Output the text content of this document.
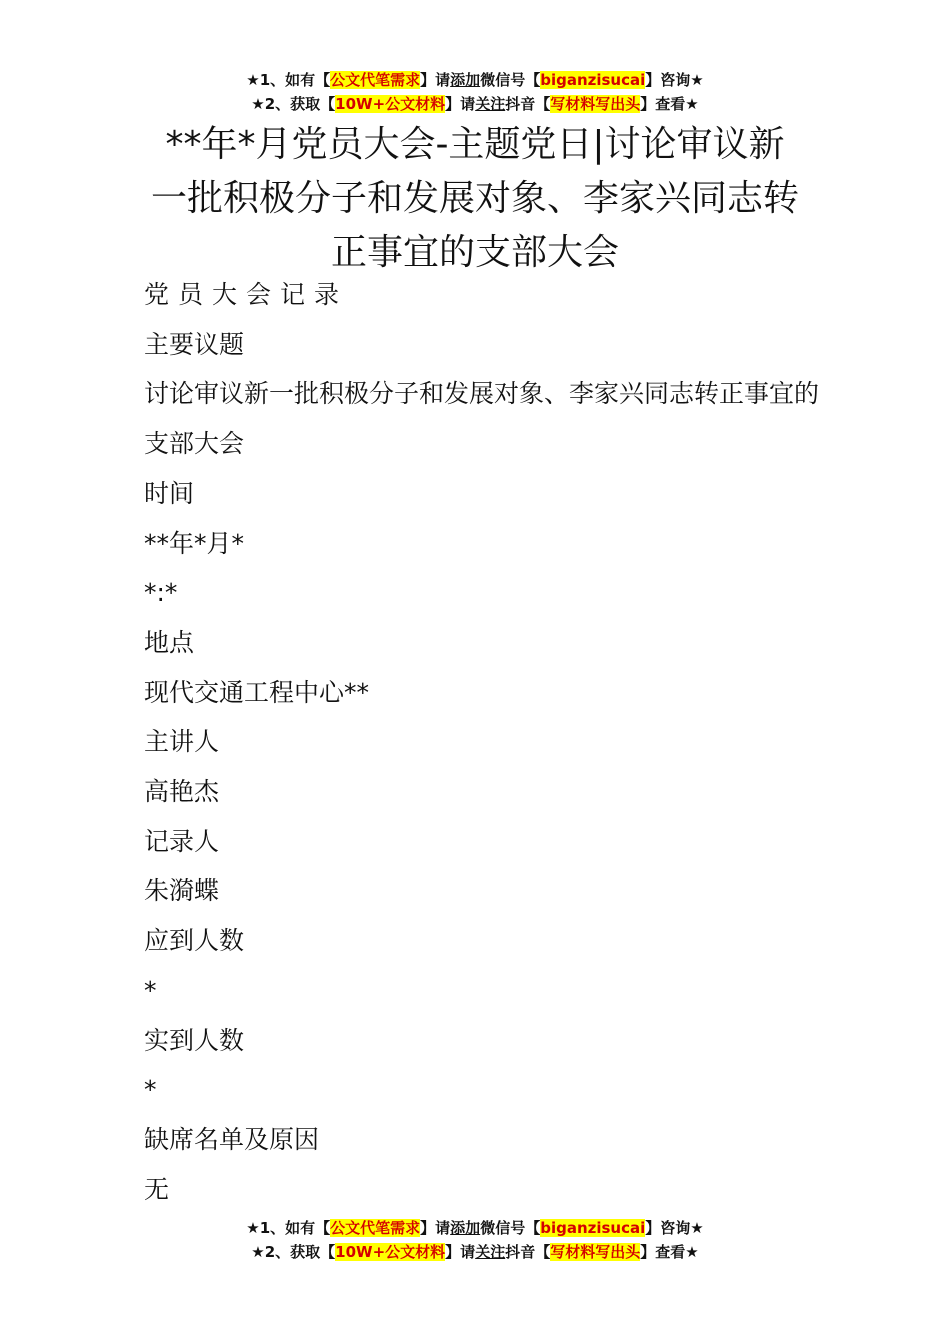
★1、如有【公文代笔需求】请添加微信号【biganzisucai】咨询★
★2、获取【10W+公文材料】请关注抖音【写材料写出头】查看★
**年*月党员大会-主题党日|讨论审议新一批积极分子和发展对象、李家兴同志转正事宜的支部大会

党员大会记录

主要议题

讨论审议新一批积极分子和发展对象、李家兴同志转正事宜的支部大会

时间

**年*月*

*:*

地点

现代交通工程中心**

主讲人

高艳杰

记录人

朱漪蝶

应到人数

*

实到人数

*

缺席名单及原因

无

★1、如有【公文代笔需求】请添加微信号【biganzisucai】咨询★
★2、获取【10W+公文材料】请关注抖音【写材料写出头】查看★
